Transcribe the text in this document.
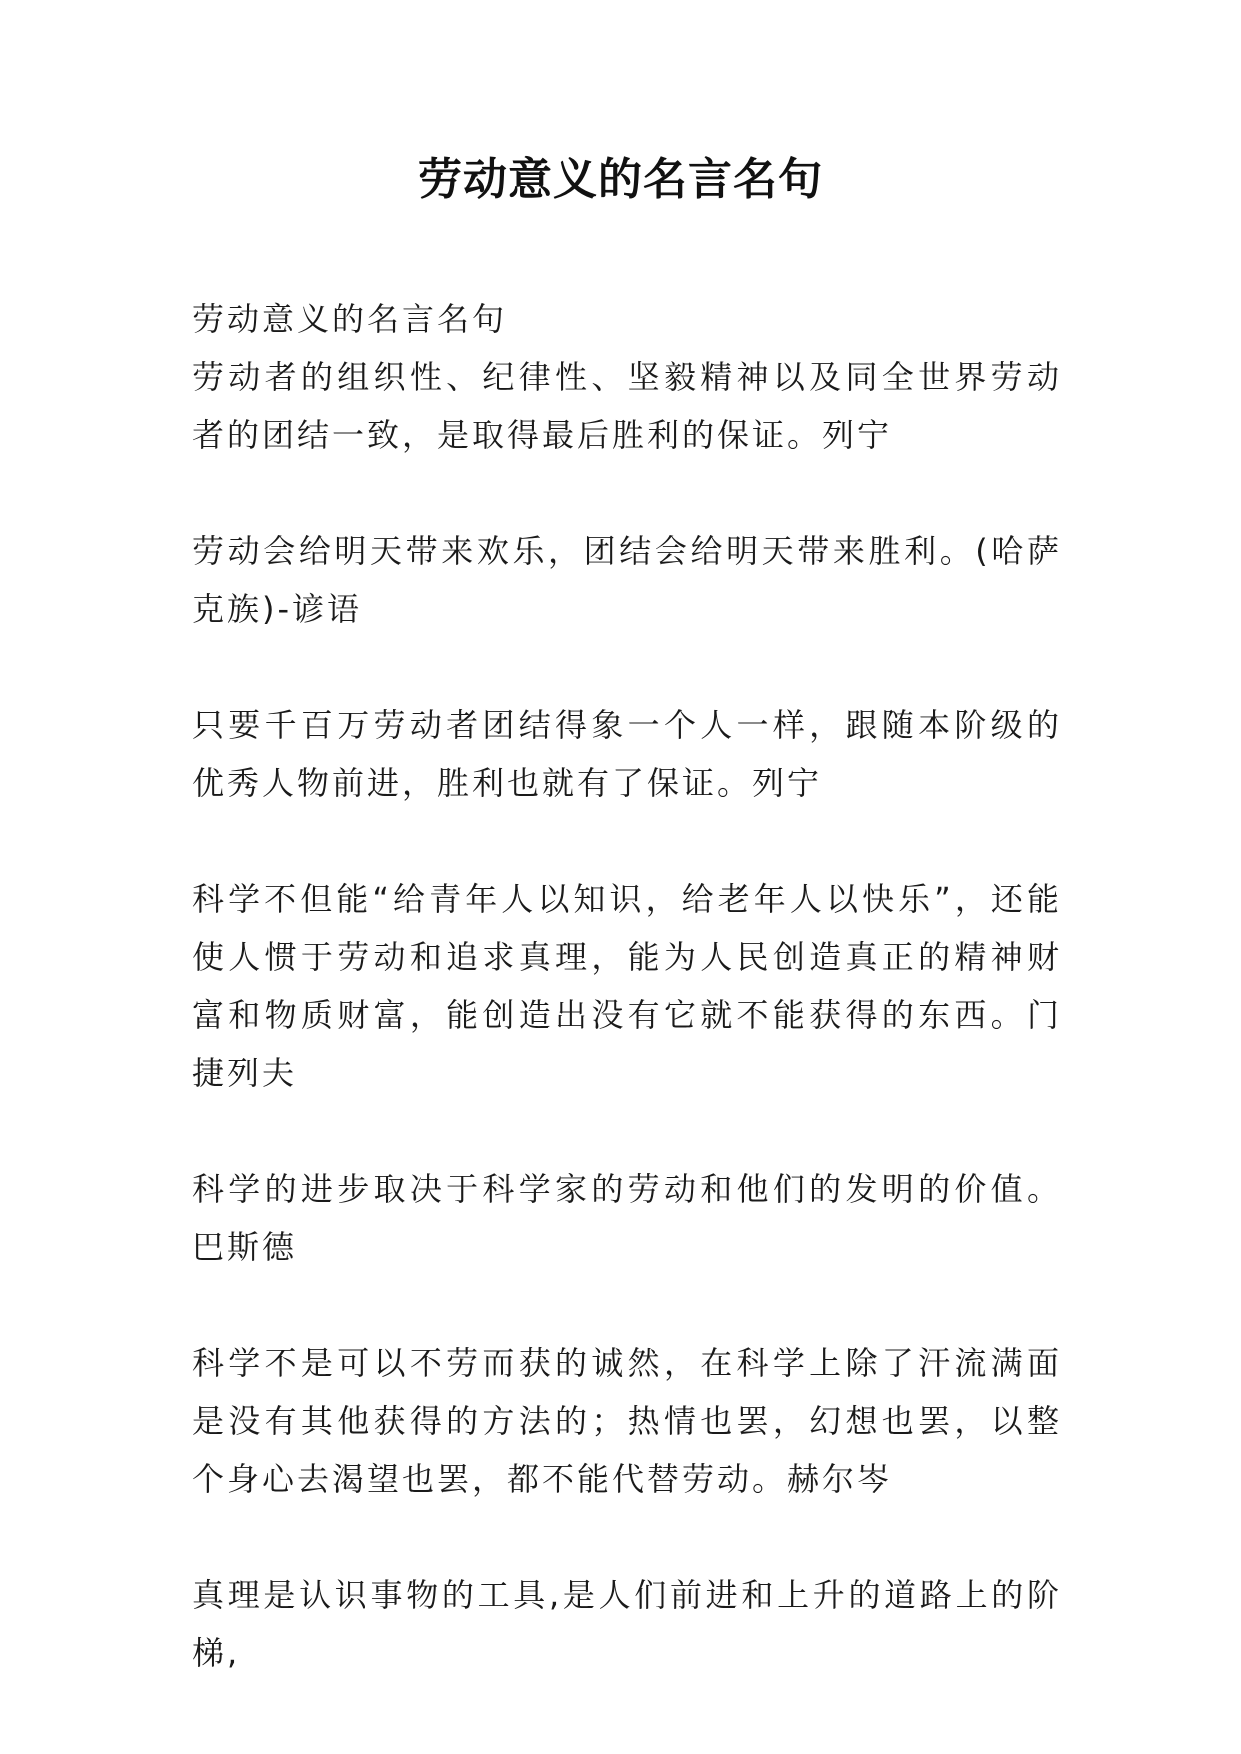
劳动意义的名言名句

劳动意义的名言名句

劳动者的组织性、纪律性、坚毅精神以及同全世界劳动者的团结一致，是取得最后胜利的保证。列宁

劳动会给明天带来欢乐，团结会给明天带来胜利。(哈萨克族)-谚语

只要千百万劳动者团结得象一个人一样，跟随本阶级的优秀人物前进，胜利也就有了保证。列宁

科学不但能“给青年人以知识，给老年人以快乐”，还能使人惯于劳动和追求真理，能为人民创造真正的精神财富和物质财富，能创造出没有它就不能获得的东西。门捷列夫

科学的进步取决于科学家的劳动和他们的发明的价值。巴斯德

科学不是可以不劳而获的诚然，在科学上除了汗流满面是没有其他获得的方法的；热情也罢，幻想也罢，以整个身心去渴望也罢，都不能代替劳动。赫尔岑

真理是认识事物的工具,是人们前进和上升的道路上的阶梯,
